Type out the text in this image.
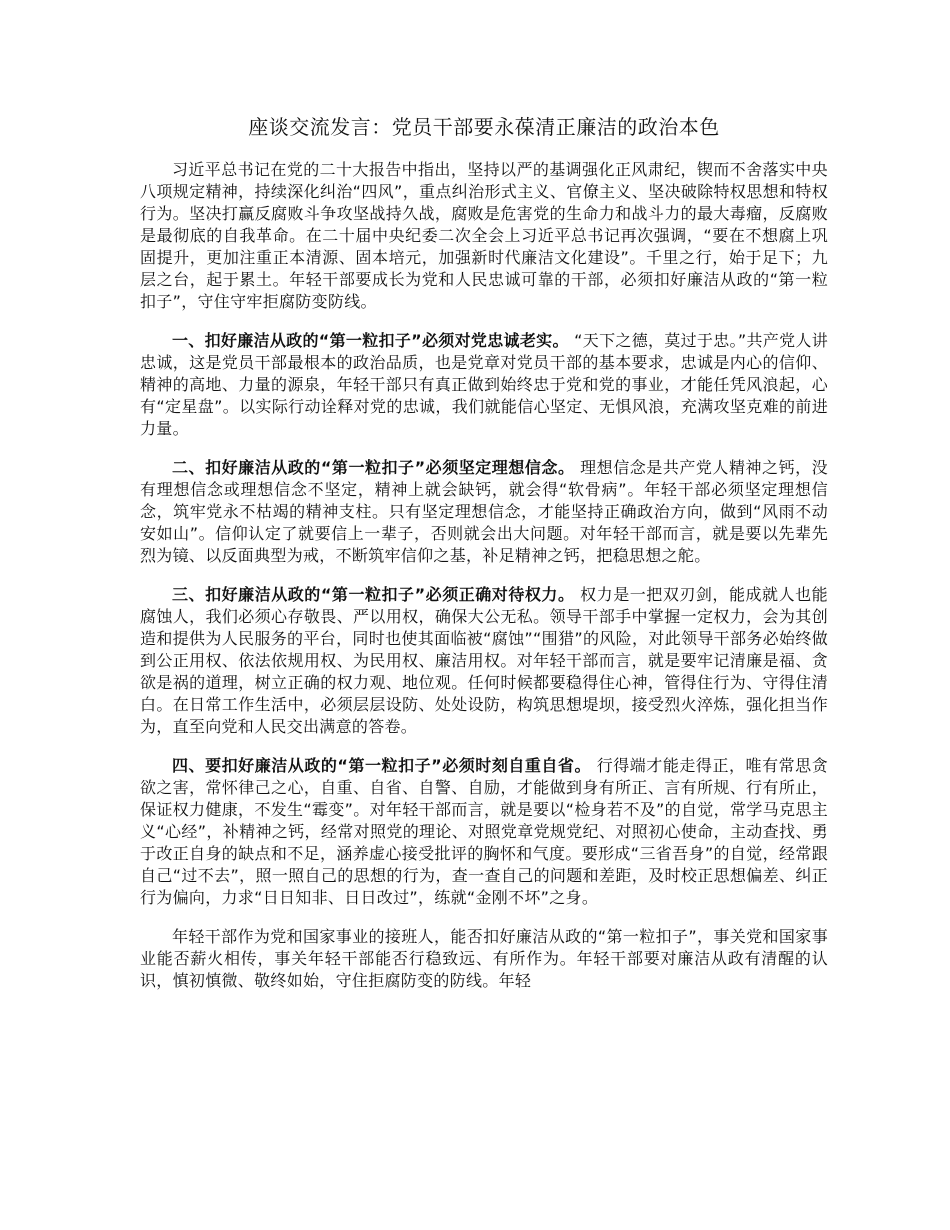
座谈交流发言：党员干部要永葆清正廉洁的政治本色

习近平总书记在党的二十大报告中指出，坚持以严的基调强化正风肃纪，锲而不舍落实中央八项规定精神，持续深化纠治“四风”，重点纠治形式主义、官僚主义、坚决破除特权思想和特权行为。坚决打赢反腐败斗争攻坚战持久战，腐败是危害党的生命力和战斗力的最大毒瘤，反腐败是最彻底的自我革命。在二十届中央纪委二次全会上习近平总书记再次强调，“要在不想腐上巩固提升，更加注重正本清源、固本培元，加强新时代廉洁文化建设”。千里之行，始于足下；九层之台，起于累土。年轻干部要成长为党和人民忠诚可靠的干部，必须扣好廉洁从政的“第一粒扣子”，守住守牢拒腐防变防线。

一、扣好廉洁从政的“第一粒扣子”必须对党忠诚老实。 “天下之德，莫过于忠。”共产党人讲忠诚，这是党员干部最根本的政治品质，也是党章对党员干部的基本要求，忠诚是内心的信仰、精神的高地、力量的源泉，年轻干部只有真正做到始终忠于党和党的事业，才能任凭风浪起，心有“定星盘”。以实际行动诠释对党的忠诚，我们就能信心坚定、无惧风浪，充满攻坚克难的前进力量。

二、扣好廉洁从政的“第一粒扣子”必须坚定理想信念。 理想信念是共产党人精神之钙，没有理想信念或理想信念不坚定，精神上就会缺钙，就会得“软骨病”。年轻干部必须坚定理想信念，筑牢党永不枯竭的精神支柱。只有坚定理想信念，才能坚持正确政治方向，做到“风雨不动安如山”。信仰认定了就要信上一辈子，否则就会出大问题。对年轻干部而言，就是要以先辈先烈为镜、以反面典型为戒，不断筑牢信仰之基，补足精神之钙，把稳思想之舵。

三、扣好廉洁从政的“第一粒扣子”必须正确对待权力。 权力是一把双刃剑，能成就人也能腐蚀人，我们必须心存敬畏、严以用权，确保大公无私。领导干部手中掌握一定权力，会为其创造和提供为人民服务的平台，同时也使其面临被“腐蚀”“围猎”的风险，对此领导干部务必始终做到公正用权、依法依规用权、为民用权、廉洁用权。对年轻干部而言，就是要牢记清廉是福、贪欲是祸的道理，树立正确的权力观、地位观。任何时候都要稳得住心神，管得住行为、守得住清白。在日常工作生活中，必须层层设防、处处设防，构筑思想堤坝，接受烈火淬炼，强化担当作为，直至向党和人民交出满意的答卷。

四、要扣好廉洁从政的“第一粒扣子”必须时刻自重自省。 行得端才能走得正，唯有常思贪欲之害，常怀律己之心，自重、自省、自警、自励，才能做到身有所正、言有所规、行有所止，保证权力健康，不发生“霉变”。对年轻干部而言，就是要以“检身若不及”的自觉，常学马克思主义“心经”，补精神之钙，经常对照党的理论、对照党章党规党纪、对照初心使命，主动查找、勇于改正自身的缺点和不足，涵养虚心接受批评的胸怀和气度。要形成“三省吾身”的自觉，经常跟自己“过不去”，照一照自己的思想的行为，查一查自己的问题和差距，及时校正思想偏差、纠正行为偏向，力求“日日知非、日日改过”，练就“金刚不坏”之身。

年轻干部作为党和国家事业的接班人，能否扣好廉洁从政的“第一粒扣子”，事关党和国家事业能否薪火相传，事关年轻干部能否行稳致远、有所作为。年轻干部要对廉洁从政有清醒的认识，慎初慎微、敬终如始，守住拒腐防变的防线。年轻
